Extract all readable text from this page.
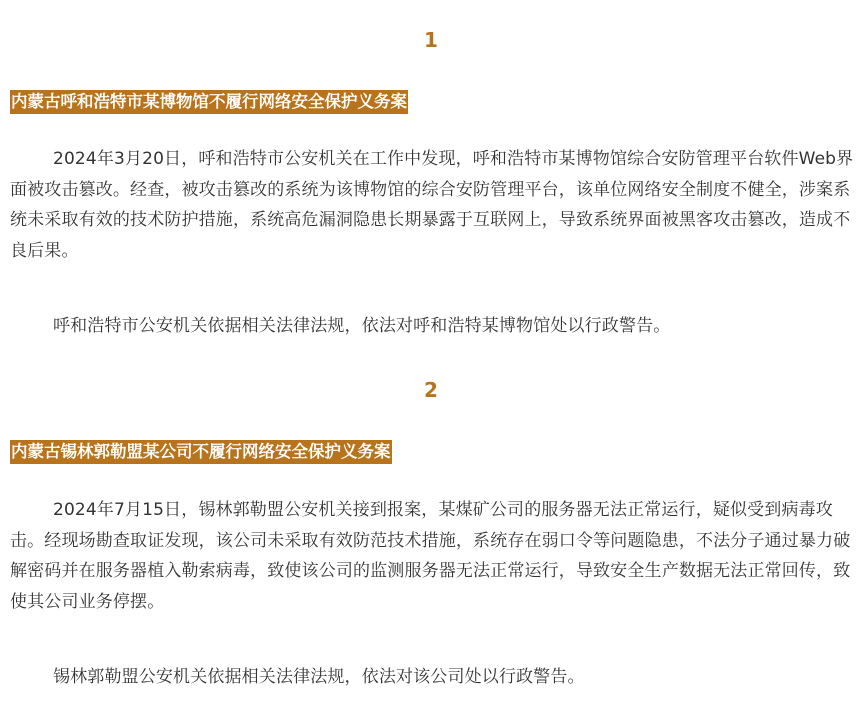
1
内蒙古呼和浩特市某博物馆不履行网络安全保护义务案

2024年3月20日，呼和浩特市公安机关在工作中发现，呼和浩特市某博物馆综合安防管理平台软件Web界面被攻击篡改。经查，被攻击篡改的系统为该博物馆的综合安防管理平台，该单位网络安全制度不健全，涉案系统未采取有效的技术防护措施，系统高危漏洞隐患长期暴露于互联网上，导致系统界面被黑客攻击篡改，造成不良后果。

呼和浩特市公安机关依据相关法律法规，依法对呼和浩特某博物馆处以行政警告。

2
内蒙古锡林郭勒盟某公司不履行网络安全保护义务案

2024年7月15日，锡林郭勒盟公安机关接到报案，某煤矿公司的服务器无法正常运行，疑似受到病毒攻击。经现场勘查取证发现，该公司未采取有效防范技术措施，系统存在弱口令等问题隐患，不法分子通过暴力破解密码并在服务器植入勒索病毒，致使该公司的监测服务器无法正常运行，导致安全生产数据无法正常回传，致使其公司业务停摆。

锡林郭勒盟公安机关依据相关法律法规，依法对该公司处以行政警告。
